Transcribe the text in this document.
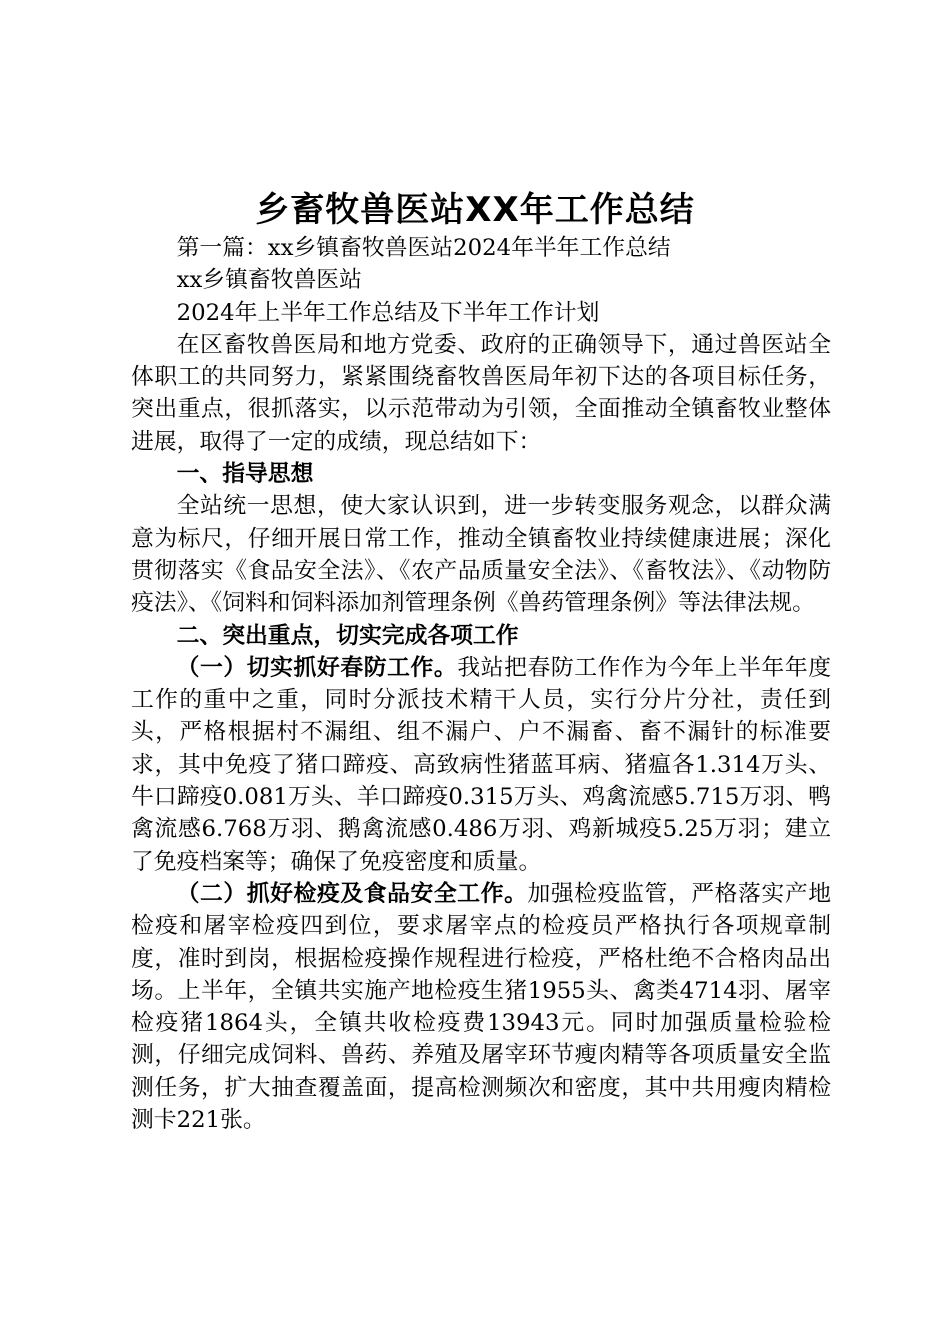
乡畜牧兽医站XX年工作总结

第一篇：xx乡镇畜牧兽医站2024年半年工作总结

xx乡镇畜牧兽医站

2024年上半年工作总结及下半年工作计划

在区畜牧兽医局和地方党委、政府的正确领导下，通过兽医站全体职工的共同努力，紧紧围绕畜牧兽医局年初下达的各项目标任务，突出重点，很抓落实，以示范带动为引领，全面推动全镇畜牧业整体进展，取得了一定的成绩，现总结如下：

一、指导思想

全站统一思想，使大家认识到，进一步转变服务观念，以群众满意为标尺，仔细开展日常工作，推动全镇畜牧业持续健康进展；深化贯彻落实《食品安全法》、《农产品质量安全法》、《畜牧法》、《动物防疫法》、《饲料和饲料添加剂管理条例《兽药管理条例》等法律法规。

二、突出重点，切实完成各项工作

（一）切实抓好春防工作。我站把春防工作作为今年上半年年度工作的重中之重，同时分派技术精干人员，实行分片分社，责任到头，严格根据村不漏组、组不漏户、户不漏畜、畜不漏针的标准要求，其中免疫了猪口蹄疫、高致病性猪蓝耳病、猪瘟各1.314万头、牛口蹄疫0.081万头、羊口蹄疫0.315万头、鸡禽流感5.715万羽、鸭禽流感6.768万羽、鹅禽流感0.486万羽、鸡新城疫5.25万羽；建立了免疫档案等；确保了免疫密度和质量。

（二）抓好检疫及食品安全工作。加强检疫监管，严格落实产地检疫和屠宰检疫四到位，要求屠宰点的检疫员严格执行各项规章制度，准时到岗，根据检疫操作规程进行检疫，严格杜绝不合格肉品出场。上半年，全镇共实施产地检疫生猪1955头、禽类4714羽、屠宰检疫猪1864头，全镇共收检疫费13943元。同时加强质量检验检测，仔细完成饲料、兽药、养殖及屠宰环节瘦肉精等各项质量安全监测任务，扩大抽查覆盖面，提高检测频次和密度，其中共用瘦肉精检测卡221张。
